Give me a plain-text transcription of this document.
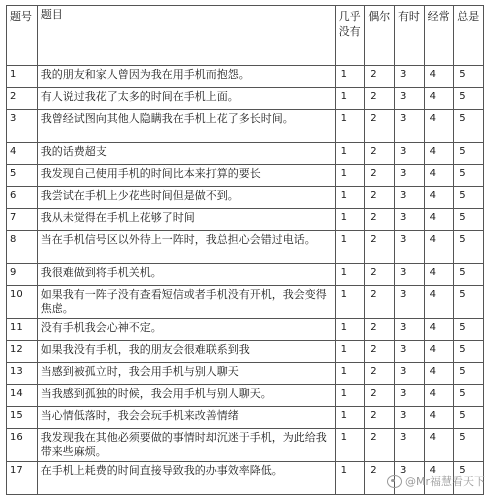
题号	题目	几乎没有	偶尔	有时	经常	总是
1	我的朋友和家人曾因为我在用手机而抱怨。	1	2	3	4	5
2	有人说过我花了太多的时间在手机上面。	1	2	3	4	5
3	我曾经试图向其他人隐瞒我在手机上花了多长时间。	1	2	3	4	5
4	我的话费超支	1	2	3	4	5
5	我发现自己使用手机的时间比本来打算的要长	1	2	3	4	5
6	我尝试在手机上少花些时间但是做不到。	1	2	3	4	5
7	我从未觉得在手机上花够了时间	1	2	3	4	5
8	当在手机信号区以外待上一阵时，我总担心会错过电话。	1	2	3	4	5
9	我很难做到将手机关机。	1	2	3	4	5
10	如果我有一阵子没有查看短信或者手机没有开机，我会变得焦虑。	1	2	3	4	5
11	没有手机我会心神不定。	1	2	3	4	5
12	如果我没有手机，我的朋友会很难联系到我	1	2	3	4	5
13	当感到被孤立时，我会用手机与别人聊天	1	2	3	4	5
14	当我感到孤独的时候，我会用手机与别人聊天。	1	2	3	4	5
15	当心情低落时，我会会玩手机来改善情绪	1	2	3	4	5
16	我发现我在其他必须要做的事情时却沉迷于手机，为此给我带来些麻烦。	1	2	3	4	5
17	在手机上耗费的时间直接导致我的办事效率降低。	1	2	3	4	5
@Mr福慧看天下
